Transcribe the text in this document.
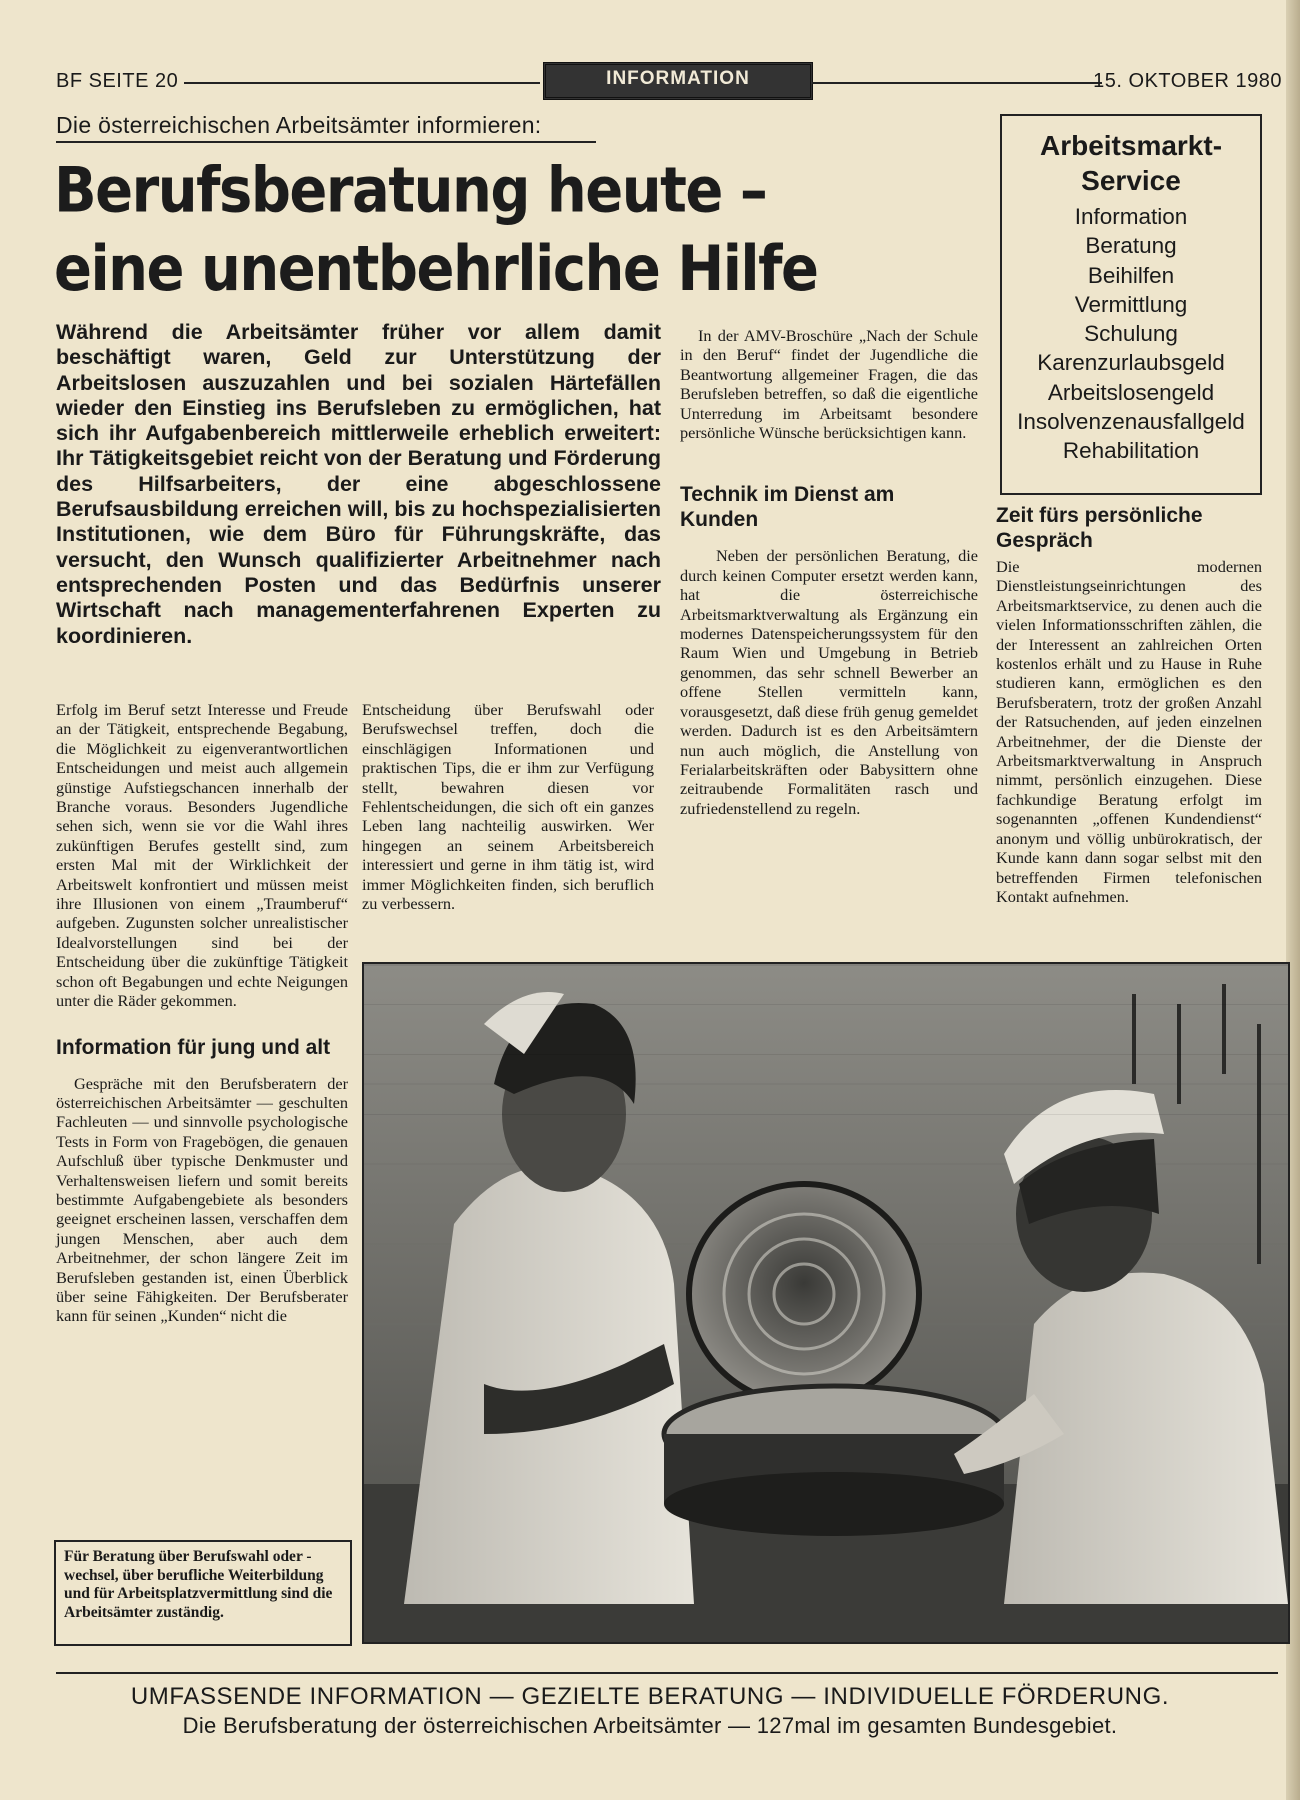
BF SEITE 20	INFORMATION	15. OKTOBER 1980
Die österreichischen Arbeitsämter informieren:
Berufsberatung heute – eine unentbehrliche Hilfe

Während die Arbeitsämter früher vor allem damit beschäftigt waren, Geld zur Unterstützung der Arbeitslosen auszuzahlen und bei sozialen Härtefällen wieder den Einstieg ins Berufsleben zu ermöglichen, hat sich ihr Aufgabenbereich mittlerweile erheblich erweitert: Ihr Tätigkeitsgebiet reicht von der Beratung und Förderung des Hilfsarbeiters, der eine abgeschlossene Berufsausbildung erreichen will, bis zu hochspezialisierten Institutionen, wie dem Büro für Führungskräfte, das versucht, den Wunsch qualifizierter Arbeitnehmer nach entsprechenden Posten und das Bedürfnis unserer Wirtschaft nach managementerfahrenen Experten zu koordinieren.

Erfolg im Beruf setzt Interesse und Freude an der Tätigkeit, entsprechende Begabung, die Möglichkeit zu eigenverantwortlichen Entscheidungen und meist auch allgemein günstige Aufstiegschancen innerhalb der Branche voraus. Besonders Jugendliche sehen sich, wenn sie vor die Wahl ihres zukünftigen Berufes gestellt sind, zum ersten Mal mit der Wirklichkeit der Arbeitswelt konfrontiert und müssen meist ihre Illusionen von einem „Traumberuf“ aufgeben. Zugunsten solcher unrealistischer Idealvorstellungen sind bei der Entscheidung über die zukünftige Tätigkeit schon oft Begabungen und echte Neigungen unter die Räder gekommen.

Information für jung und alt

Gespräche mit den Berufsberatern der österreichischen Arbeitsämter — geschulten Fachleuten — und sinnvolle psychologische Tests in Form von Fragebögen, die genauen Aufschluß über typische Denkmuster und Verhaltensweisen liefern und somit bereits bestimmte Aufgabengebiete als besonders geeignet erscheinen lassen, verschaffen dem jungen Menschen, aber auch dem Arbeitnehmer, der schon längere Zeit im Berufsleben gestanden ist, einen Überblick über seine Fähigkeiten. Der Berufsberater kann für seinen „Kunden“ nicht die

Entscheidung über Berufswahl oder Berufswechsel treffen, doch die einschlägigen Informationen und praktischen Tips, die er ihm zur Verfügung stellt, bewahren diesen vor Fehlentscheidungen, die sich oft ein ganzes Leben lang nachteilig auswirken. Wer hingegen an seinem Arbeitsbereich interessiert und gerne in ihm tätig ist, wird immer Möglichkeiten finden, sich beruflich zu verbessern.

In der AMV-Broschüre „Nach der Schule in den Beruf“ findet der Jugendliche die Beantwortung allgemeiner Fragen, die das Berufsleben betreffen, so daß die eigentliche Unterredung im Arbeitsamt besondere persönliche Wünsche berücksichtigen kann.

Technik im Dienst am Kunden

Neben der persönlichen Beratung, die durch keinen Computer ersetzt werden kann, hat die österreichische Arbeitsmarktverwaltung als Ergänzung ein modernes Datenspeicherungssystem für den Raum Wien und Umgebung in Betrieb genommen, das sehr schnell Bewerber an offene Stellen vermitteln kann, vorausgesetzt, daß diese früh genug gemeldet werden. Dadurch ist es den Arbeitsämtern nun auch möglich, die Anstellung von Ferialarbeitskräften oder Babysittern ohne zeitraubende Formalitäten rasch und zufriedenstellend zu regeln.

Arbeitsmarkt-Service
Information
Beratung
Beihilfen
Vermittlung
Schulung
Karenzurlaubsgeld
Arbeitslosengeld
Insolvenzenausfallgeld
Rehabilitation
Zeit fürs persönliche Gespräch

Die modernen Dienstleistungseinrichtungen des Arbeitsmarktservice, zu denen auch die vielen Informationsschriften zählen, die der Interessent an zahlreichen Orten kostenlos erhält und zu Hause in Ruhe studieren kann, ermöglichen es den Berufsberatern, trotz der großen Anzahl der Ratsuchenden, auf jeden einzelnen Arbeitnehmer, der die Dienste der Arbeitsmarktverwaltung in Anspruch nimmt, persönlich einzugehen. Diese fachkundige Beratung erfolgt im sogenannten „offenen Kundendienst“ anonym und völlig unbürokratisch, der Kunde kann dann sogar selbst mit den betreffenden Firmen telefonischen Kontakt aufnehmen.

Für Beratung über Berufswahl oder -wechsel, über berufliche Weiterbildung und für Arbeitsplatzvermittlung sind die Arbeitsämter zuständig.

UMFASSENDE INFORMATION — GEZIELTE BERATUNG — INDIVIDUELLE FÖRDERUNG.
Die Berufsberatung der österreichischen Arbeitsämter — 127mal im gesamten Bundesgebiet.
